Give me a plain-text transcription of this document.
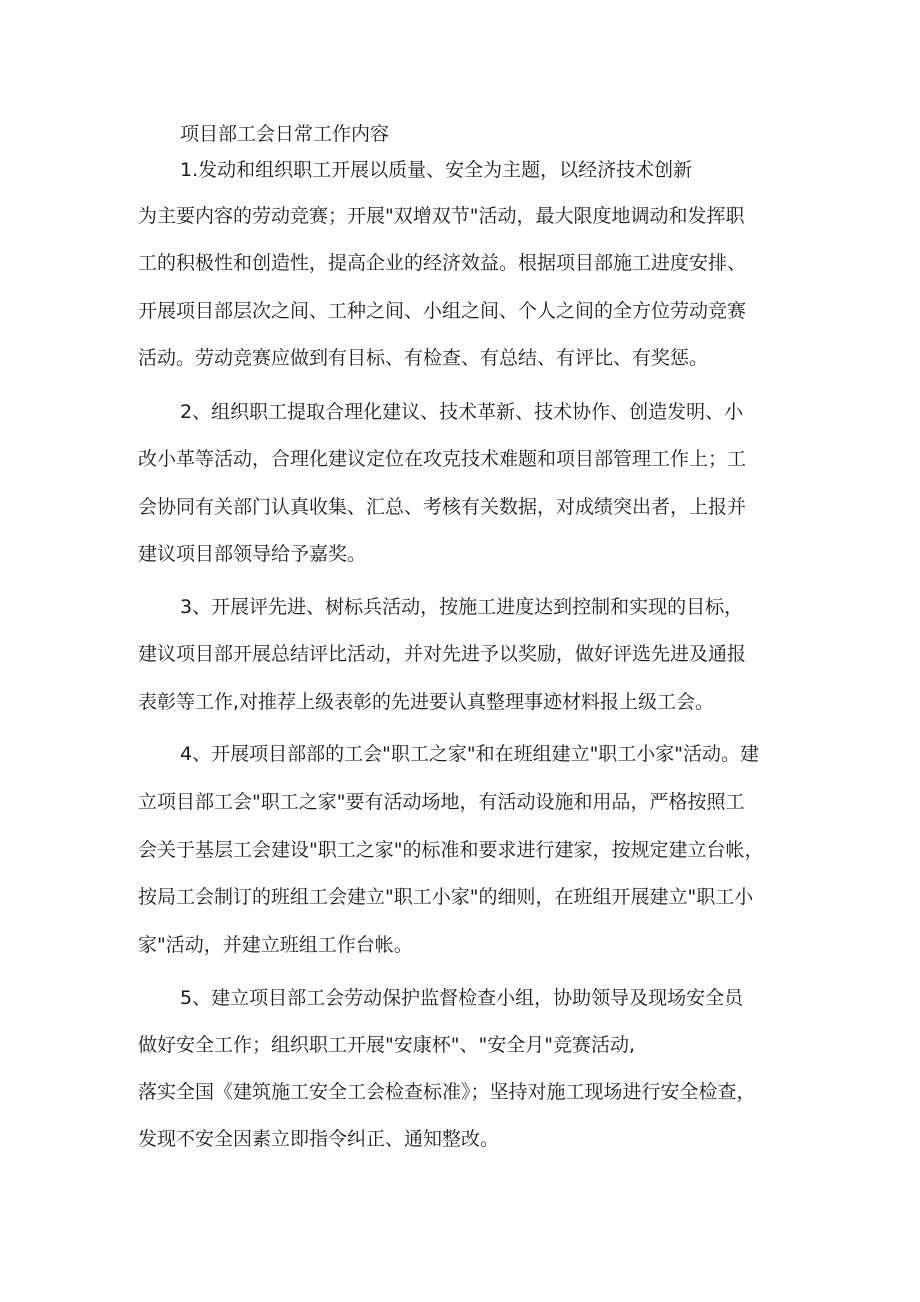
项目部工会日常工作内容

1.发动和组织职工开展以质量、安全为主题，以经济技术创新

为主要内容的劳动竞赛；开展"双增双节"活动，最大限度地调动和发挥职

工的积极性和创造性，提高企业的经济效益。根据项目部施工进度安排、

开展项目部层次之间、工种之间、小组之间、个人之间的全方位劳动竞赛

活动。劳动竞赛应做到有目标、有检查、有总结、有评比、有奖惩。

2、组织职工提取合理化建议、技术革新、技术协作、创造发明、小

改小革等活动，合理化建议定位在攻克技术难题和项目部管理工作上；工

会协同有关部门认真收集、汇总、考核有关数据，对成绩突出者，上报并

建议项目部领导给予嘉奖。

3、开展评先进、树标兵活动，按施工进度达到控制和实现的目标，

建议项目部开展总结评比活动，并对先进予以奖励，做好评选先进及通报

表彰等工作,对推荐上级表彰的先进要认真整理事迹材料报上级工会。

4、开展项目部部的工会"职工之家"和在班组建立"职工小家"活动。建

立项目部工会"职工之家"要有活动场地，有活动设施和用品，严格按照工

会关于基层工会建设"职工之家"的标准和要求进行建家，按规定建立台帐，

按局工会制订的班组工会建立"职工小家"的细则，在班组开展建立"职工小

家"活动，并建立班组工作台帐。

5、建立项目部工会劳动保护监督检查小组，协助领导及现场安全员

做好安全工作；组织职工开展"安康杯"、"安全月"竞赛活动,

落实全国《建筑施工安全工会检查标准》；坚持对施工现场进行安全检查，

发现不安全因素立即指令纠正、通知整改。
